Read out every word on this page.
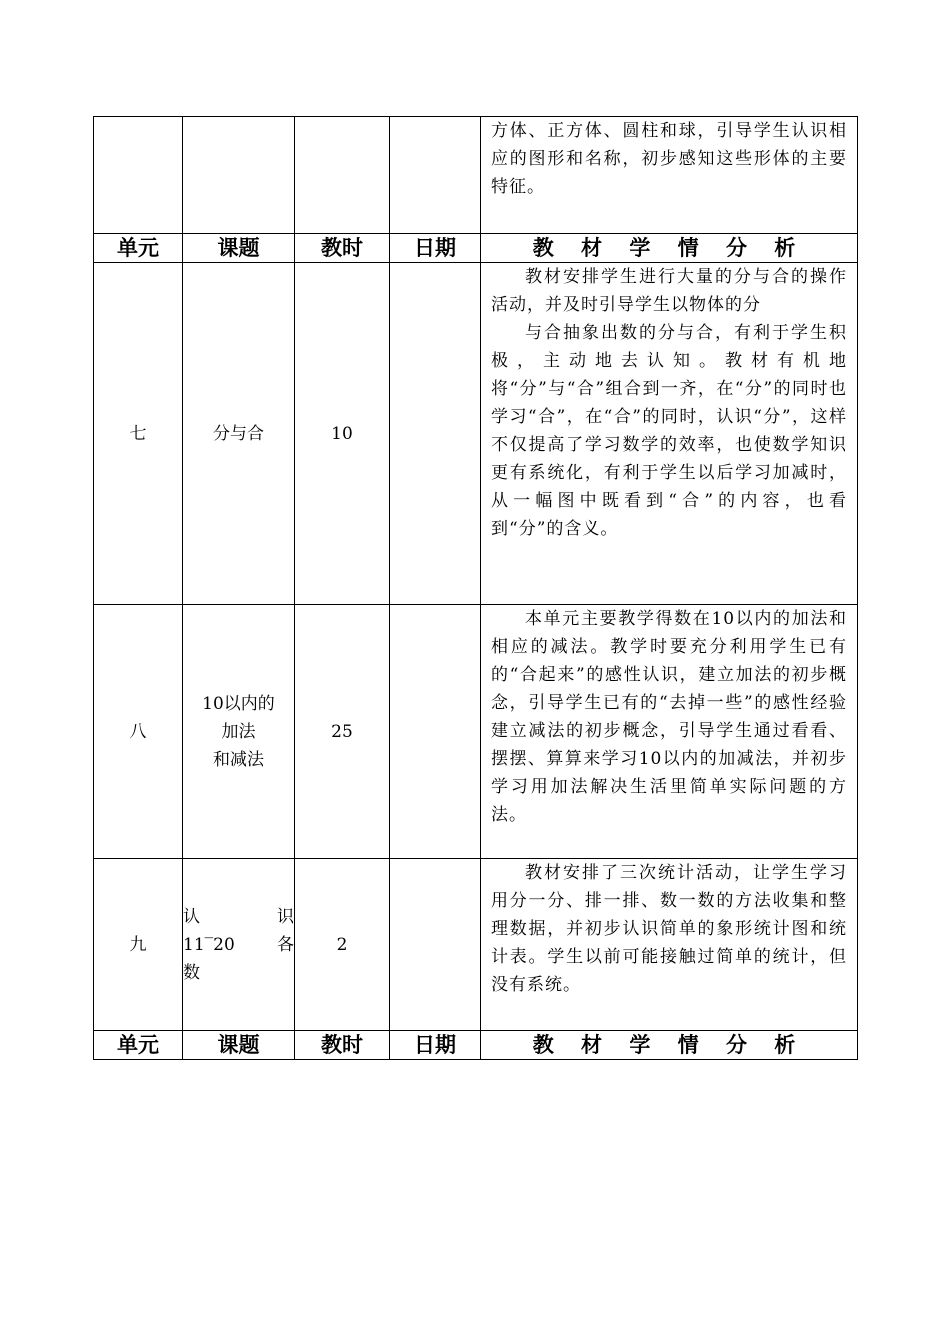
				方体、正方体、圆柱和球，引导学生认识相应的图形和名称，初步感知这些形体的主要特征。

单元	课题	教时	日期	教 材 学 情 分 析
七	分与合	10		教材安排学生进行大量的分与合的操作活动，并及时引导学生以物体的分

与合抽象出数的分与合，有利于学生积极，主动地去认知。教材有机地将“分”与“合”组合到一齐，在“分”的同时也学习“合”，在“合”的同时，认识“分”，这样不仅提高了学习数学的效率，也使数学知识更有系统化，有利于学生以后学习加减时，从一幅图中既看到“合”的内容，也看到“分”的含义。

八	10以内的
加法
和减法	25		本单元主要教学得数在10以内的加法和相应的减法。教学时要充分利用学生已有的“合起来”的感性认识，建立加法的初步概念，引导学生已有的“去掉一些”的感性经验建立减法的初步概念，引导学生通过看看、摆摆、算算来学习10以内的加减法，并初步学习用加法解决生活里简单实际问题的方法。

九	认 识
11‾20 各
数	2		教材安排了三次统计活动，让学生学习用分一分、排一排、数一数的方法收集和整理数据，并初步认识简单的象形统计图和统计表。学生以前可能接触过简单的统计，但没有系统。

单元	课题	教时	日期	教 材 学 情 分 析
